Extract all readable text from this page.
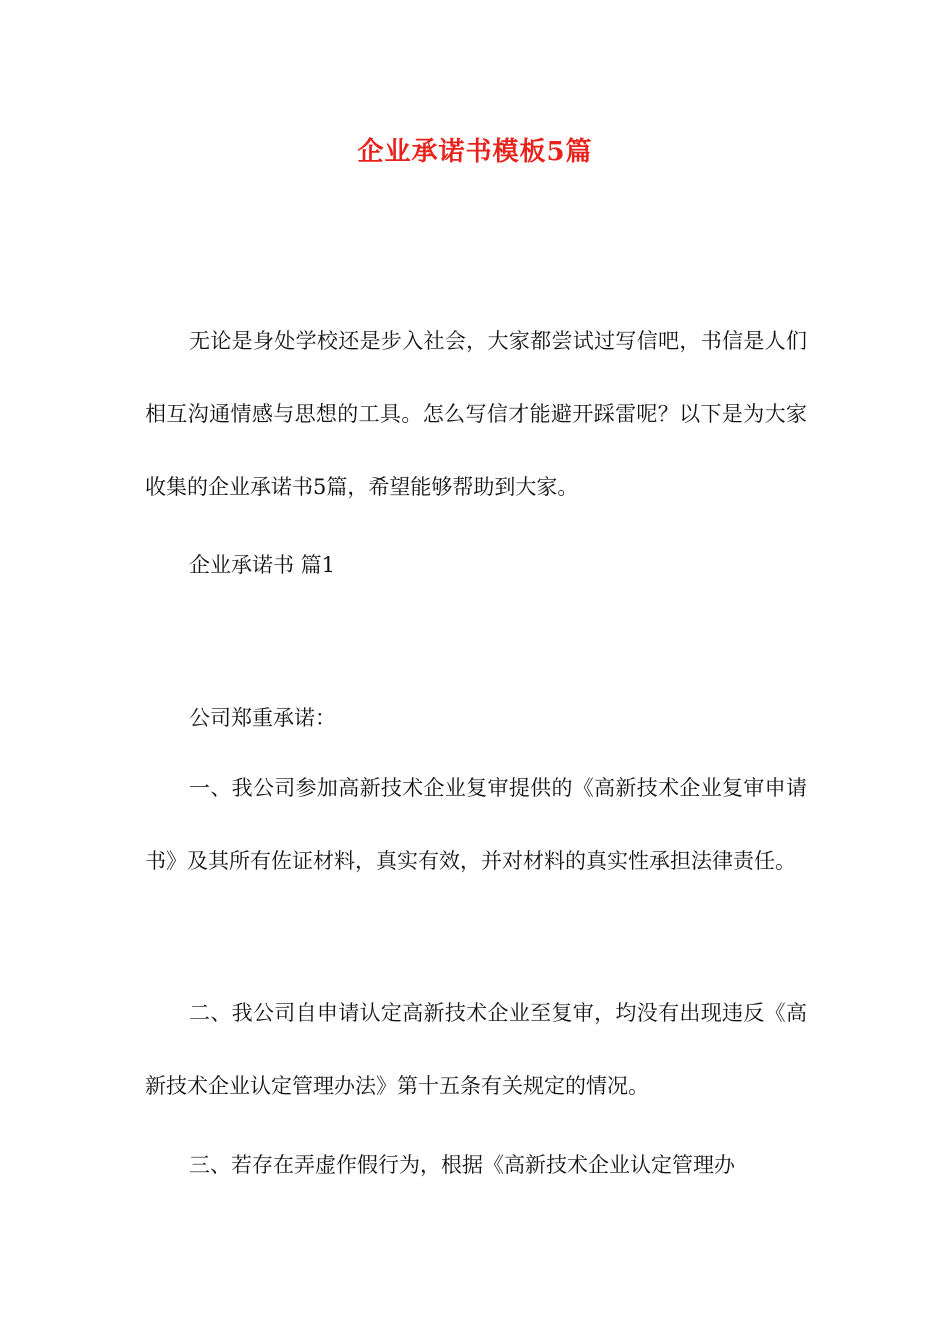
企业承诺书模板5篇
无论是身处学校还是步入社会，大家都尝试过写信吧，书信是人们相互沟通情感与思想的工具。怎么写信才能避开踩雷呢？以下是为大家收集的企业承诺书5篇，希望能够帮助到大家。
企业承诺书 篇1
公司郑重承诺：
一、我公司参加高新技术企业复审提供的《高新技术企业复审申请书》及其所有佐证材料，真实有效，并对材料的真实性承担法律责任。
二、我公司自申请认定高新技术企业至复审，均没有出现违反《高新技术企业认定管理办法》第十五条有关规定的情况。
三、若存在弄虚作假行为，根据《高新技术企业认定管理办
